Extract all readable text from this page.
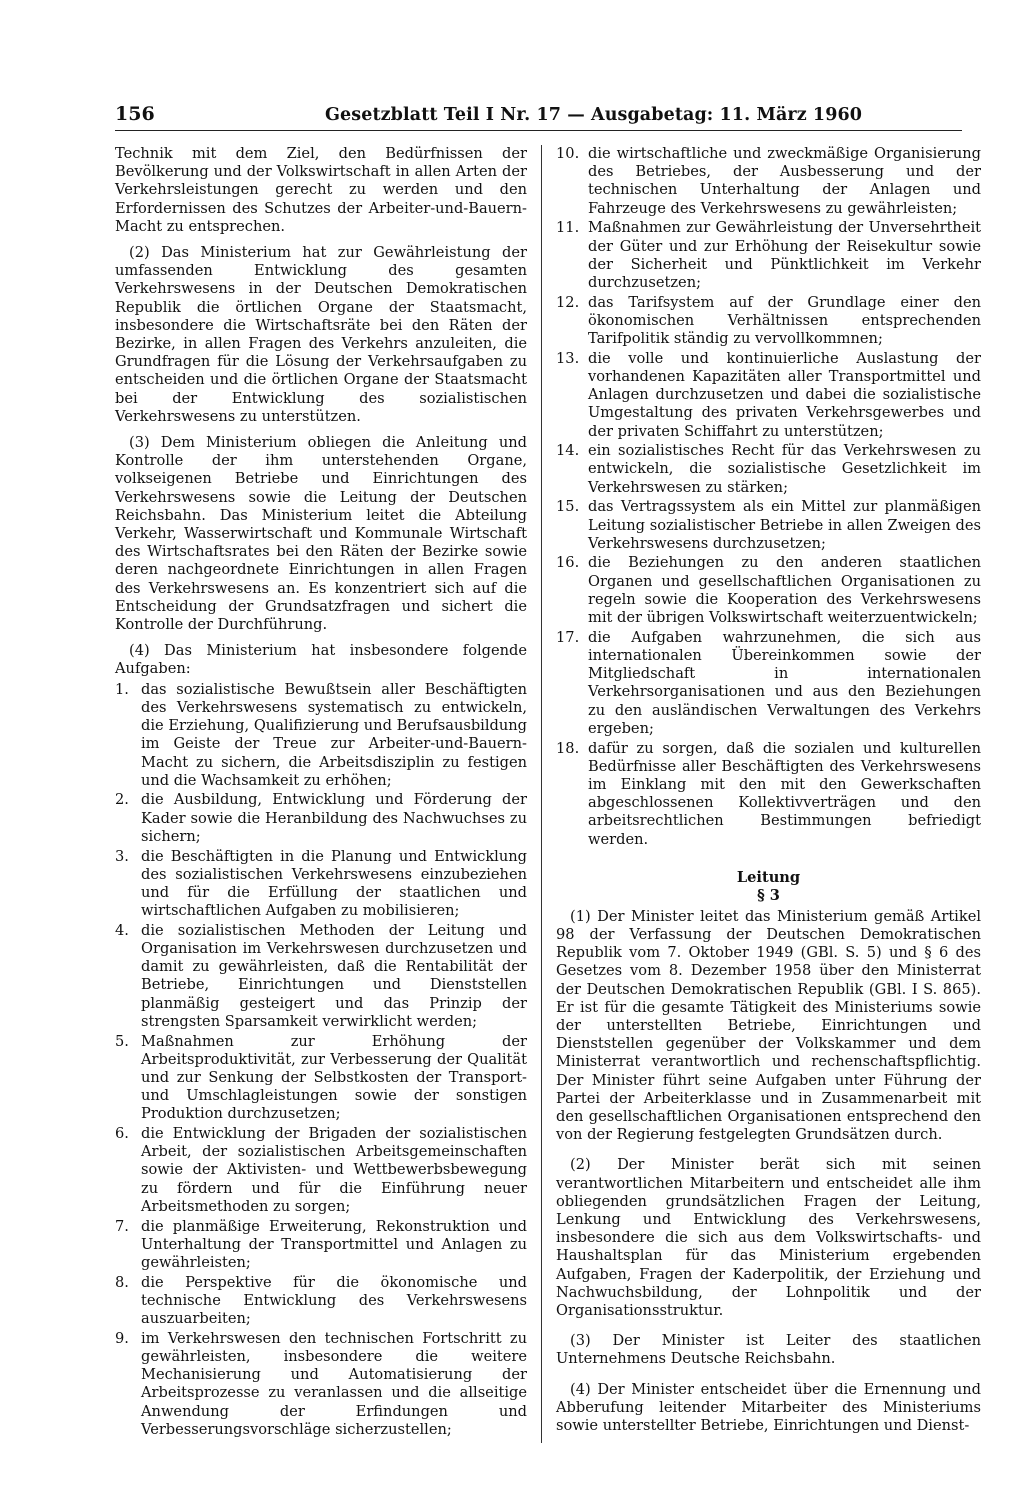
156	Gesetzblatt Teil I Nr. 17 — Ausgabetag: 11. März 1960

Technik mit dem Ziel, den Bedürfnissen der Bevölkerung und der Volkswirtschaft in allen Arten der Verkehrsleistungen gerecht zu werden und den Erfordernissen des Schutzes der Arbeiter-und-Bauern-Macht zu entsprechen.

(2) Das Ministerium hat zur Gewährleistung der umfassenden Entwicklung des gesamten Verkehrswesens in der Deutschen Demokratischen Republik die örtlichen Organe der Staatsmacht, insbesondere die Wirtschaftsräte bei den Räten der Bezirke, in allen Fragen des Verkehrs anzuleiten, die Grundfragen für die Lösung der Verkehrsaufgaben zu entscheiden und die örtlichen Organe der Staatsmacht bei der Entwicklung des sozialistischen Verkehrswesens zu unterstützen.

(3) Dem Ministerium obliegen die Anleitung und Kontrolle der ihm unterstehenden Organe, volkseigenen Betriebe und Einrichtungen des Verkehrswesens sowie die Leitung der Deutschen Reichsbahn. Das Ministerium leitet die Abteilung Verkehr, Wasserwirtschaft und Kommunale Wirtschaft des Wirtschaftsrates bei den Räten der Bezirke sowie deren nachgeordnete Einrichtungen in allen Fragen des Verkehrswesens an. Es konzentriert sich auf die Entscheidung der Grundsatzfragen und sichert die Kontrolle der Durchführung.

(4) Das Ministerium hat insbesondere folgende Aufgaben:

1. das sozialistische Bewußtsein aller Beschäftigten des Verkehrswesens systematisch zu entwickeln, die Erziehung, Qualifizierung und Berufsausbildung im Geiste der Treue zur Arbeiter-und-Bauern-Macht zu sichern, die Arbeitsdisziplin zu festigen und die Wachsamkeit zu erhöhen;
2. die Ausbildung, Entwicklung und Förderung der Kader sowie die Heranbildung des Nachwuchses zu sichern;
3. die Beschäftigten in die Planung und Entwicklung des sozialistischen Verkehrswesens einzubeziehen und für die Erfüllung der staatlichen und wirtschaftlichen Aufgaben zu mobilisieren;
4. die sozialistischen Methoden der Leitung und Organisation im Verkehrswesen durchzusetzen und damit zu gewährleisten, daß die Rentabilität der Betriebe, Einrichtungen und Dienststellen planmäßig gesteigert und das Prinzip der strengsten Sparsamkeit verwirklicht werden;
5. Maßnahmen zur Erhöhung der Arbeitsproduktivität, zur Verbesserung der Qualität und zur Senkung der Selbstkosten der Transport- und Umschlagleistungen sowie der sonstigen Produktion durchzusetzen;
6. die Entwicklung der Brigaden der sozialistischen Arbeit, der sozialistischen Arbeitsgemeinschaften sowie der Aktivisten- und Wettbewerbsbewegung zu fördern und für die Einführung neuer Arbeitsmethoden zu sorgen;
7. die planmäßige Erweiterung, Rekonstruktion und Unterhaltung der Transportmittel und Anlagen zu gewährleisten;
8. die Perspektive für die ökonomische und technische Entwicklung des Verkehrswesens auszuarbeiten;
9. im Verkehrswesen den technischen Fortschritt zu gewährleisten, insbesondere die weitere Mechanisierung und Automatisierung der Arbeitsprozesse zu veranlassen und die allseitige Anwendung der Erfindungen und Verbesserungsvorschläge sicherzustellen;
10. die wirtschaftliche und zweckmäßige Organisierung des Betriebes, der Ausbesserung und der technischen Unterhaltung der Anlagen und Fahrzeuge des Verkehrswesens zu gewährleisten;
11. Maßnahmen zur Gewährleistung der Unversehrtheit der Güter und zur Erhöhung der Reisekultur sowie der Sicherheit und Pünktlichkeit im Verkehr durchzusetzen;
12. das Tarifsystem auf der Grundlage einer den ökonomischen Verhältnissen entsprechenden Tarifpolitik ständig zu vervollkommnen;
13. die volle und kontinuierliche Auslastung der vorhandenen Kapazitäten aller Transportmittel und Anlagen durchzusetzen und dabei die sozialistische Umgestaltung des privaten Verkehrsgewerbes und der privaten Schiffahrt zu unterstützen;
14. ein sozialistisches Recht für das Verkehrswesen zu entwickeln, die sozialistische Gesetzlichkeit im Verkehrswesen zu stärken;
15. das Vertragssystem als ein Mittel zur planmäßigen Leitung sozialistischer Betriebe in allen Zweigen des Verkehrswesens durchzusetzen;
16. die Beziehungen zu den anderen staatlichen Organen und gesellschaftlichen Organisationen zu regeln sowie die Kooperation des Verkehrswesens mit der übrigen Volkswirtschaft weiterzuentwickeln;
17. die Aufgaben wahrzunehmen, die sich aus internationalen Übereinkommen sowie der Mitgliedschaft in internationalen Verkehrsorganisationen und aus den Beziehungen zu den ausländischen Verwaltungen des Verkehrs ergeben;
18. dafür zu sorgen, daß die sozialen und kulturellen Bedürfnisse aller Beschäftigten des Verkehrswesens im Einklang mit den mit den Gewerkschaften abgeschlossenen Kollektivverträgen und den arbeitsrechtlichen Bestimmungen befriedigt werden.
Leitung
§ 3

(1) Der Minister leitet das Ministerium gemäß Artikel 98 der Verfassung der Deutschen Demokratischen Republik vom 7. Oktober 1949 (GBl. S. 5) und § 6 des Gesetzes vom 8. Dezember 1958 über den Ministerrat der Deutschen Demokratischen Republik (GBl. I S. 865). Er ist für die gesamte Tätigkeit des Ministeriums sowie der unterstellten Betriebe, Einrichtungen und Dienststellen gegenüber der Volkskammer und dem Ministerrat verantwortlich und rechenschaftspflichtig. Der Minister führt seine Aufgaben unter Führung der Partei der Arbeiterklasse und in Zusammenarbeit mit den gesellschaftlichen Organisationen entsprechend den von der Regierung festgelegten Grundsätzen durch.

(2) Der Minister berät sich mit seinen verantwortlichen Mitarbeitern und entscheidet alle ihm obliegenden grundsätzlichen Fragen der Leitung, Lenkung und Entwicklung des Verkehrswesens, insbesondere die sich aus dem Volkswirtschafts- und Haushaltsplan für das Ministerium ergebenden Aufgaben, Fragen der Kaderpolitik, der Erziehung und Nachwuchsbildung, der Lohnpolitik und der Organisationsstruktur.

(3) Der Minister ist Leiter des staatlichen Unternehmens Deutsche Reichsbahn.

(4) Der Minister entscheidet über die Ernennung und Abberufung leitender Mitarbeiter des Ministeriums sowie unterstellter Betriebe, Einrichtungen und Dienst-
